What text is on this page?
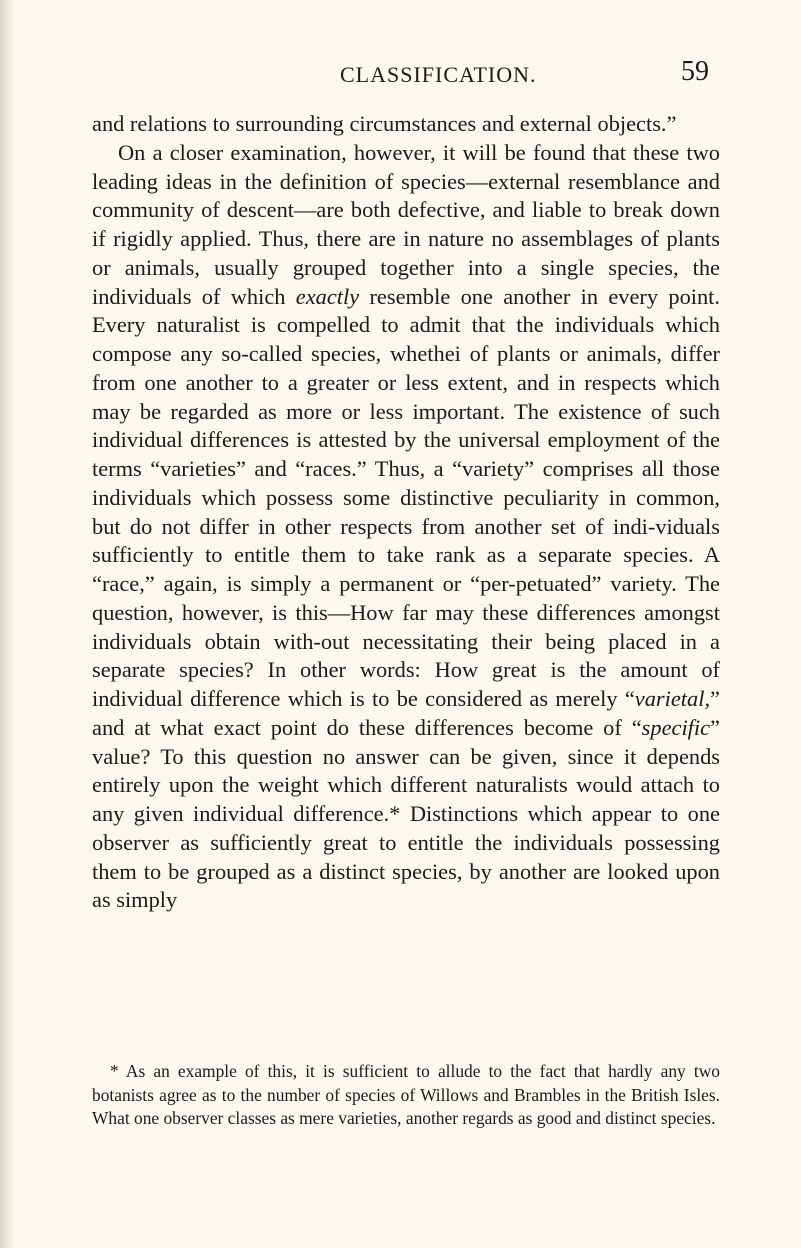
CLASSIFICATION.	59

and relations to surrounding circumstances and external objects.”

On a closer examination, however, it will be found that these two leading ideas in the definition of species—external resemblance and community of descent—are both defective, and liable to break down if rigidly applied. Thus, there are in nature no assemblages of plants or animals, usually grouped together into a single species, the individuals of which exactly resemble one another in every point. Every naturalist is compelled to admit that the individuals which compose any so-called species, whethei of plants or animals, differ from one another to a greater or less extent, and in respects which may be regarded as more or less important. The existence of such individual differences is attested by the universal employment of the terms “varieties” and “races.” Thus, a “variety” comprises all those individuals which possess some distinctive peculiarity in common, but do not differ in other respects from another set of indi-viduals sufficiently to entitle them to take rank as a separate species. A “race,” again, is simply a permanent or “per-petuated” variety. The question, however, is this—How far may these differences amongst individuals obtain with-out necessitating their being placed in a separate species? In other words: How great is the amount of individual difference which is to be considered as merely “varietal,” and at what exact point do these differences become of “specific” value? To this question no answer can be given, since it depends entirely upon the weight which different naturalists would attach to any given individual difference.* Distinctions which appear to one observer as sufficiently great to entitle the individuals possessing them to be grouped as a distinct species, by another are looked upon as simply

* As an example of this, it is sufficient to allude to the fact that hardly any two botanists agree as to the number of species of Willows and Brambles in the British Isles. What one observer classes as mere varieties, another regards as good and distinct species.
